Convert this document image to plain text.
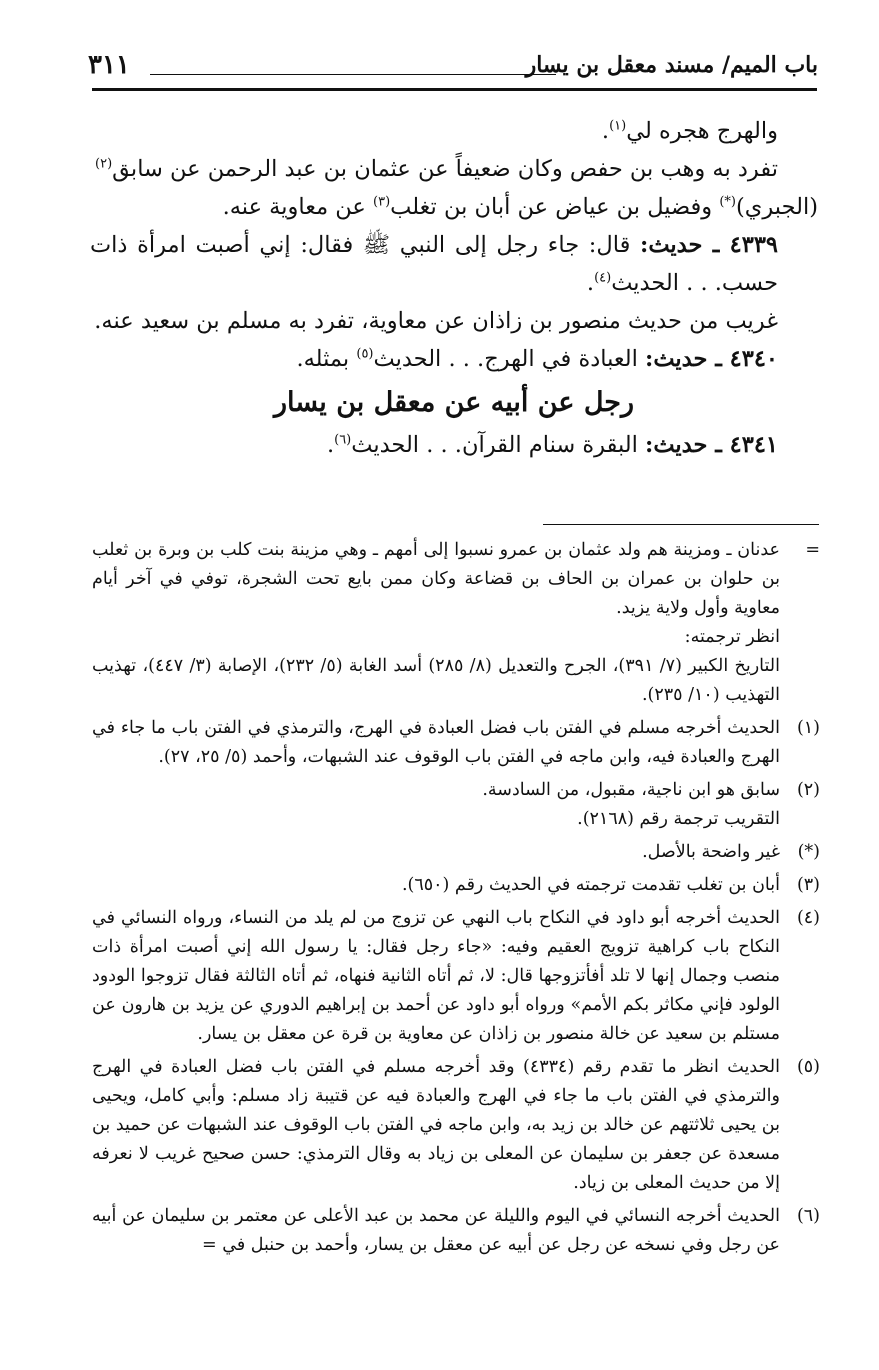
باب الميم/ مسند معقل بن يسار
٣١١

والهرج هجره لي$^{(١)}$.

تفرد به وهب بن حفص وكان ضعيفاً عن عثمان بن عبد الرحمن عن سابق$^{(٢)}$

(الجبري)(*) وفضيل بن عياض عن أبان بن تغلب$^{(٣)}$ عن معاوية عنه.

٤٣٣٩ ـ حديث: قال: جاء رجل إلى النبي ﷺ فقال: إني أصبت امرأة ذات حسب. . . الحديث$^{(٤)}$.

غريب من حديث منصور بن زاذان عن معاوية، تفرد به مسلم بن سعيد عنه.

٤٣٤٠ ـ حديث: العبادة في الهرج. . . الحديث$^{(٥)}$ بمثله.

رجل عن أبيه عن معقل بن يسار

٤٣٤١ ـ حديث: البقرة سنام القرآن. . . الحديث$^{(٦)}$.

=

عدنان ـ ومزينة هم ولد عثمان بن عمرو نسبوا إلى أمهم ـ وهي مزينة بنت كلب بن وبرة بن ثعلب بن حلوان بن عمران بن الحاف بن قضاعة وكان ممن بايع تحت الشجرة، توفي في آخر أيام معاوية وأول ولاية يزيد.

انظر ترجمته:

التاريخ الكبير (٧/ ٣٩١)، الجرح والتعديل (٨/ ٢٨٥) أسد الغابة (٥/ ٢٣٢)، الإصابة (٣/ ٤٤٧)، تهذيب التهذيب (١٠/ ٢٣٥).

(١)

الحديث أخرجه مسلم في الفتن باب فضل العبادة في الهرج، والترمذي في الفتن باب ما جاء في الهرج والعبادة فيه، وابن ماجه في الفتن باب الوقوف عند الشبهات، وأحمد (٥/ ٢٥، ٢٧).

(٢)

سابق هو ابن ناجية، مقبول، من السادسة.

التقريب ترجمة رقم (٢١٦٨).

(*)

غير واضحة بالأصل.

(٣)

أبان بن تغلب تقدمت ترجمته في الحديث رقم (٦٥٠).

(٤)

الحديث أخرجه أبو داود في النكاح باب النهي عن تزوج من لم يلد من النساء، ورواه النسائي في النكاح باب كراهية تزويج العقيم وفيه: «جاء رجل فقال: يا رسول الله إني أصبت امرأة ذات منصب وجمال إنها لا تلد أفأتزوجها قال: لا، ثم أتاه الثانية فنهاه، ثم أتاه الثالثة فقال تزوجوا الودود الولود فإني مكاثر بكم الأمم» ورواه أبو داود عن أحمد بن إبراهيم الدوري عن يزيد بن هارون عن مستلم بن سعيد عن خالة منصور بن زاذان عن معاوية بن قرة عن معقل بن يسار.

(٥)

الحديث انظر ما تقدم رقم (٤٣٣٤) وقد أخرجه مسلم في الفتن باب فضل العبادة في الهرج والترمذي في الفتن باب ما جاء في الهرج والعبادة فيه عن قتيبة زاد مسلم: وأبي كامل، ويحيى بن يحيى ثلاثتهم عن خالد بن زيد به، وابن ماجه في الفتن باب الوقوف عند الشبهات عن حميد بن مسعدة عن جعفر بن سليمان عن المعلى بن زياد به وقال الترمذي: حسن صحيح غريب لا نعرفه إلا من حديث المعلى بن زياد.

(٦)

الحديث أخرجه النسائي في اليوم والليلة عن محمد بن عبد الأعلى عن معتمر بن سليمان عن أبيه عن رجل وفي نسخه عن رجل عن أبيه عن معقل بن يسار، وأحمد بن حنبل في =
